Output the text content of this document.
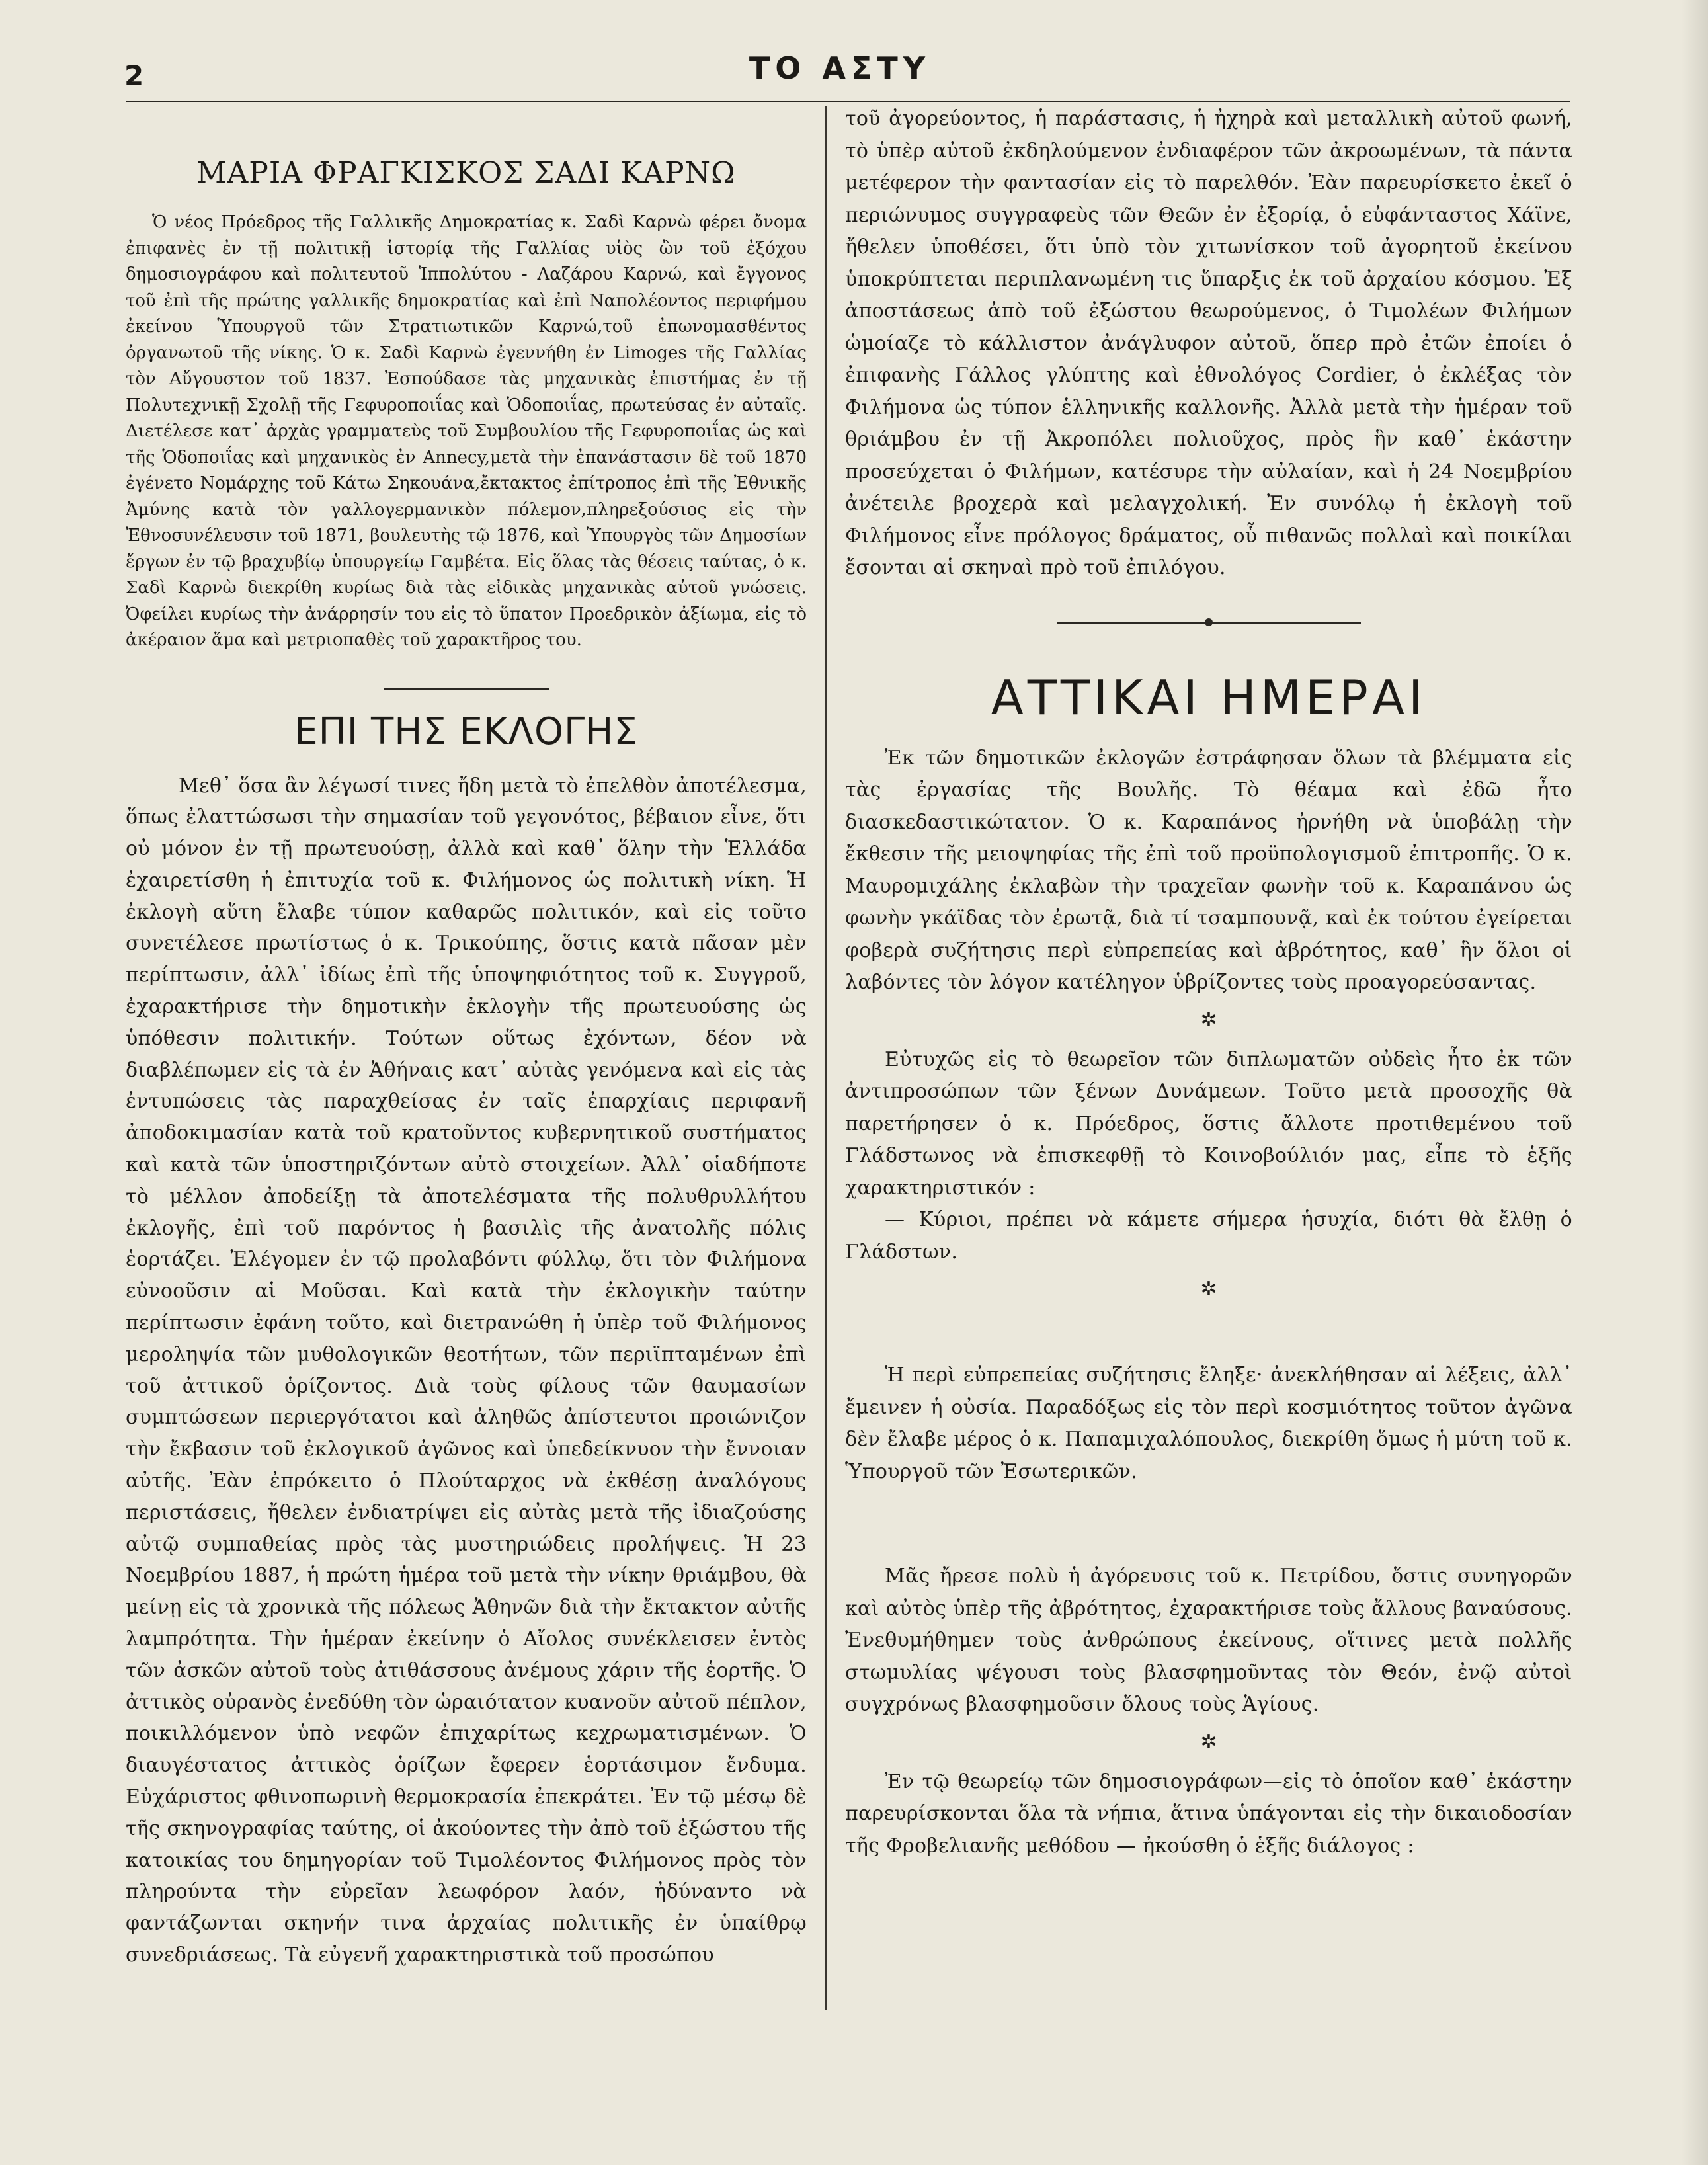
2	ΤΟ ΑΣΤΥ
ΜΑΡΙΑ ΦΡΑΓΚΙΣΚΟΣ ΣΑΔΙ ΚΑΡΝΩ

Ὁ νέος Πρόεδρος τῆς Γαλλικῆς Δημοκρατίας κ. Σαδὶ Καρνὼ φέρει ὄνομα ἐπιφανὲς ἐν τῇ πολιτικῇ ἱστορίᾳ τῆς Γαλλίας υἱὸς ὢν τοῦ ἐξόχου δημοσιογράφου καὶ πολιτευτοῦ Ἱππολύτου - Λαζάρου Καρνώ, καὶ ἔγγονος τοῦ ἐπὶ τῆς πρώτης γαλλικῆς δημοκρατίας καὶ ἐπὶ Ναπολέοντος περιφήμου ἐκείνου Ὑπουργοῦ τῶν Στρατιωτικῶν Καρνώ,τοῦ ἐπωνομασθέντος ὀργανωτοῦ τῆς νίκης. Ὁ κ. Σαδὶ Καρνὼ ἐγεννήθη ἐν Limoges τῆς Γαλλίας τὸν Αὔγουστον τοῦ 1837. Ἐσπούδασε τὰς μηχανικὰς ἐπιστήμας ἐν τῇ Πολυτεχνικῇ Σχολῇ τῆς Γεφυροποιΐας καὶ Ὁδοποιΐας, πρωτεύσας ἐν αὐταῖς. Διετέλεσε κατ᾽ ἀρχὰς γραμματεὺς τοῦ Συμβουλίου τῆς Γεφυροποιΐας ὡς καὶ τῆς Ὁδοποιΐας καὶ μηχανικὸς ἐν Annecy,μετὰ τὴν ἐπανάστασιν δὲ τοῦ 1870 ἐγένετο Νομάρχης τοῦ Κάτω Σηκουάνα,ἔκτακτος ἐπίτροπος ἐπὶ τῆς Ἐθνικῆς Ἀμύνης κατὰ τὸν γαλλογερμανικὸν πόλεμον,πληρεξούσιος εἰς τὴν Ἐθνοσυνέλευσιν τοῦ 1871, βουλευτὴς τῷ 1876, καὶ Ὑπουργὸς τῶν Δημοσίων ἔργων ἐν τῷ βραχυβίῳ ὑπουργείῳ Γαμβέτα. Εἰς ὅλας τὰς θέσεις ταύτας, ὁ κ. Σαδὶ Καρνὼ διεκρίθη κυρίως διὰ τὰς εἰδικὰς μηχανικὰς αὐτοῦ γνώσεις. Ὀφείλει κυρίως τὴν ἀνάρρησίν του εἰς τὸ ὕπατον Προεδρικὸν ἀξίωμα, εἰς τὸ ἀκέραιον ἅμα καὶ μετριοπαθὲς τοῦ χαρακτῆρος του.

ΕΠΙ ΤΗΣ ΕΚΛΟΓΗΣ

Μεθ᾽ ὅσα ἂν λέγωσί τινες ἤδη μετὰ τὸ ἐπελθὸν ἀποτέλεσμα, ὅπως ἐλαττώσωσι τὴν σημασίαν τοῦ γεγονότος, βέβαιον εἶνε, ὅτι οὐ μόνον ἐν τῇ πρωτευούσῃ, ἀλλὰ καὶ καθ᾽ ὅλην τὴν Ἑλλάδα ἐχαιρετίσθη ἡ ἐπιτυχία τοῦ κ. Φιλήμονος ὡς πολιτικὴ νίκη. Ἡ ἐκλογὴ αὕτη ἔλαβε τύπον καθαρῶς πολιτικόν, καὶ εἰς τοῦτο συνετέλεσε πρωτίστως ὁ κ. Τρικούπης, ὅστις κατὰ πᾶσαν μὲν περίπτωσιν, ἀλλ᾽ ἰδίως ἐπὶ τῆς ὑποψηφιότητος τοῦ κ. Συγγροῦ, ἐχαρακτήρισε τὴν δημοτικὴν ἐκλογὴν τῆς πρωτευούσης ὡς ὑπόθεσιν πολιτικήν. Τούτων οὕτως ἐχόντων, δέον νὰ διαβλέπωμεν εἰς τὰ ἐν Ἀθήναις κατ᾽ αὐτὰς γενόμενα καὶ εἰς τὰς ἐντυπώσεις τὰς παραχθείσας ἐν ταῖς ἐπαρχίαις περιφανῆ ἀποδοκιμασίαν κατὰ τοῦ κρατοῦντος κυβερνητικοῦ συστήματος καὶ κατὰ τῶν ὑποστηριζόντων αὐτὸ στοιχείων. Ἀλλ᾽ οἱαδήποτε τὸ μέλλον ἀποδείξῃ τὰ ἀποτελέσματα τῆς πολυθρυλλήτου ἐκλογῆς, ἐπὶ τοῦ παρόντος ἡ βασιλὶς τῆς ἀνατολῆς πόλις ἑορτάζει. Ἐλέγομεν ἐν τῷ προλαβόντι φύλλῳ, ὅτι τὸν Φιλήμονα εὐνοοῦσιν αἱ Μοῦσαι. Καὶ κατὰ τὴν ἐκλογικὴν ταύτην περίπτωσιν ἐφάνη τοῦτο, καὶ διετρανώθη ἡ ὑπὲρ τοῦ Φιλήμονος μεροληψία τῶν μυθολογικῶν θεοτήτων, τῶν περιϊπταμένων ἐπὶ τοῦ ἀττικοῦ ὁρίζοντος. Διὰ τοὺς φίλους τῶν θαυμασίων συμπτώσεων περιεργότατοι καὶ ἀληθῶς ἀπίστευτοι προιώνιζον τὴν ἔκβασιν τοῦ ἐκλογικοῦ ἀγῶνος καὶ ὑπεδείκνυον τὴν ἔννοιαν αὐτῆς. Ἐὰν ἐπρόκειτο ὁ Πλούταρχος νὰ ἐκθέσῃ ἀναλόγους περιστάσεις, ἤθελεν ἐνδιατρίψει εἰς αὐτὰς μετὰ τῆς ἰδιαζούσης αὐτῷ συμπαθείας πρὸς τὰς μυστηριώδεις προλήψεις. Ἡ 23 Νοεμβρίου 1887, ἡ πρώτη ἡμέρα τοῦ μετὰ τὴν νίκην θριάμβου, θὰ μείνῃ εἰς τὰ χρονικὰ τῆς πόλεως Ἀθηνῶν διὰ τὴν ἔκτακτον αὐτῆς λαμπρότητα. Τὴν ἡμέραν ἐκείνην ὁ Αἴολος συνέκλεισεν ἐντὸς τῶν ἀσκῶν αὐτοῦ τοὺς ἀτιθάσσους ἀνέμους χάριν τῆς ἑορτῆς. Ὁ ἀττικὸς οὐρανὸς ἐνεδύθη τὸν ὡραιότατον κυανοῦν αὐτοῦ πέπλον, ποικιλλόμενον ὑπὸ νεφῶν ἐπιχαρίτως κεχρωματισμένων. Ὁ διαυγέστατος ἀττικὸς ὁρίζων ἔφερεν ἑορτάσιμον ἔνδυμα. Εὐχάριστος φθινοπωρινὴ θερμοκρασία ἐπεκράτει. Ἐν τῷ μέσῳ δὲ τῆς σκηνογραφίας ταύτης, οἱ ἀκούοντες τὴν ἀπὸ τοῦ ἐξώστου τῆς κατοικίας του δημηγορίαν τοῦ Τιμολέοντος Φιλήμονος πρὸς τὸν πληρούντα τὴν εὐρεῖαν λεωφόρον λαόν, ἠδύναντο νὰ φαντάζωνται σκηνήν τινα ἀρχαίας πολιτικῆς ἐν ὑπαίθρῳ συνεδριάσεως. Τὰ εὐγενῆ χαρακτηριστικὰ τοῦ προσώπου

τοῦ ἀγορεύοντος, ἡ παράστασις, ἡ ἠχηρὰ καὶ μεταλλικὴ αὐτοῦ φωνή, τὸ ὑπὲρ αὐτοῦ ἐκδηλούμενον ἐνδιαφέρον τῶν ἀκροωμένων, τὰ πάντα μετέφερον τὴν φαντασίαν εἰς τὸ παρελθόν. Ἐὰν παρευρίσκετο ἐκεῖ ὁ περιώνυμος συγγραφεὺς τῶν Θεῶν ἐν ἐξορίᾳ, ὁ εὐφάνταστος Χάϊνε, ἤθελεν ὑποθέσει, ὅτι ὑπὸ τὸν χιτωνίσκον τοῦ ἀγορητοῦ ἐκείνου ὑποκρύπτεται περιπλανωμένη τις ὕπαρξις ἐκ τοῦ ἀρχαίου κόσμου. Ἐξ ἀποστάσεως ἀπὸ τοῦ ἐξώστου θεωρούμενος, ὁ Τιμολέων Φιλήμων ὡμοίαζε τὸ κάλλιστον ἀνάγλυφον αὐτοῦ, ὅπερ πρὸ ἐτῶν ἐποίει ὁ ἐπιφανὴς Γάλλος γλύπτης καὶ ἐθνολόγος Cordier, ὁ ἐκλέξας τὸν Φιλήμονα ὡς τύπον ἑλληνικῆς καλλονῆς. Ἀλλὰ μετὰ τὴν ἡμέραν τοῦ θριάμβου ἐν τῇ Ἀκροπόλει πολιοῦχος, πρὸς ἣν καθ᾽ ἑκάστην προσεύχεται ὁ Φιλήμων, κατέσυρε τὴν αὐλαίαν, καὶ ἡ 24 Νοεμβρίου ἀνέτειλε βροχερὰ καὶ μελαγχολική. Ἐν συνόλῳ ἡ ἐκλογὴ τοῦ Φιλήμονος εἶνε πρόλογος δράματος, οὗ πιθανῶς πολλαὶ καὶ ποικίλαι ἔσονται αἱ σκηναὶ πρὸ τοῦ ἐπιλόγου.

ΑΤΤΙΚΑΙ ΗΜΕΡΑΙ

Ἐκ τῶν δημοτικῶν ἐκλογῶν ἐστράφησαν ὅλων τὰ βλέμματα εἰς τὰς ἐργασίας τῆς Βουλῆς. Τὸ θέαμα καὶ ἐδῶ ἦτο διασκεδαστικώτατον. Ὁ κ. Καραπάνος ἠρνήθη νὰ ὑποβάλῃ τὴν ἔκθεσιν τῆς μειοψηφίας τῆς ἐπὶ τοῦ προϋπολογισμοῦ ἐπιτροπῆς. Ὁ κ. Μαυρομιχάλης ἐκλαβὼν τὴν τραχεῖαν φωνὴν τοῦ κ. Καραπάνου ὡς φωνὴν γκάϊδας τὸν ἐρωτᾷ, διὰ τί τσαμπουνᾷ, καὶ ἐκ τούτου ἐγείρεται φοβερὰ συζήτησις περὶ εὐπρεπείας καὶ ἀβρότητος, καθ᾽ ἣν ὅλοι οἱ λαβόντες τὸν λόγον κατέληγον ὑβρίζοντες τοὺς προαγορεύσαντας.

✲

Εὐτυχῶς εἰς τὸ θεωρεῖον τῶν διπλωματῶν οὐδεὶς ἦτο ἐκ τῶν ἀντιπροσώπων τῶν ξένων Δυνάμεων. Τοῦτο μετὰ προσοχῆς θὰ παρετήρησεν ὁ κ. Πρόεδρος, ὅστις ἄλλοτε προτιθεμένου τοῦ Γλάδστωνος νὰ ἐπισκεφθῇ τὸ Κοινοβούλιόν μας, εἶπε τὸ ἑξῆς χαρακτηριστικόν :

— Κύριοι, πρέπει νὰ κάμετε σήμερα ἡσυχία, διότι θὰ ἔλθῃ ὁ Γλάδστων.

✲

Ἡ περὶ εὐπρεπείας συζήτησις ἔληξε· ἀνεκλήθησαν αἱ λέξεις, ἀλλ᾽ ἔμεινεν ἡ οὐσία. Παραδόξως εἰς τὸν περὶ κοσμιότητος τοῦτον ἀγῶνα δὲν ἔλαβε μέρος ὁ κ. Παπαμιχαλόπουλος, διεκρίθη ὅμως ἡ μύτη τοῦ κ. Ὑπουργοῦ τῶν Ἐσωτερικῶν.

Μᾶς ἤρεσε πολὺ ἡ ἀγόρευσις τοῦ κ. Πετρίδου, ὅστις συνηγορῶν καὶ αὐτὸς ὑπὲρ τῆς ἀβρότητος, ἐχαρακτήρισε τοὺς ἄλλους βαναύσους. Ἐνεθυμήθημεν τοὺς ἀνθρώπους ἐκείνους, οἵτινες μετὰ πολλῆς στωμυλίας ψέγουσι τοὺς βλασφημοῦντας τὸν Θεόν, ἐνῷ αὐτοὶ συγχρόνως βλασφημοῦσιν ὅλους τοὺς Ἁγίους.

✲

Ἐν τῷ θεωρείῳ τῶν δημοσιογράφων—εἰς τὸ ὁποῖον καθ᾽ ἑκάστην παρευρίσκονται ὅλα τὰ νήπια, ἅτινα ὑπάγονται εἰς τὴν δικαιοδοσίαν τῆς Φροβελιανῆς μεθόδου — ἠκούσθη ὁ ἑξῆς διάλογος :
